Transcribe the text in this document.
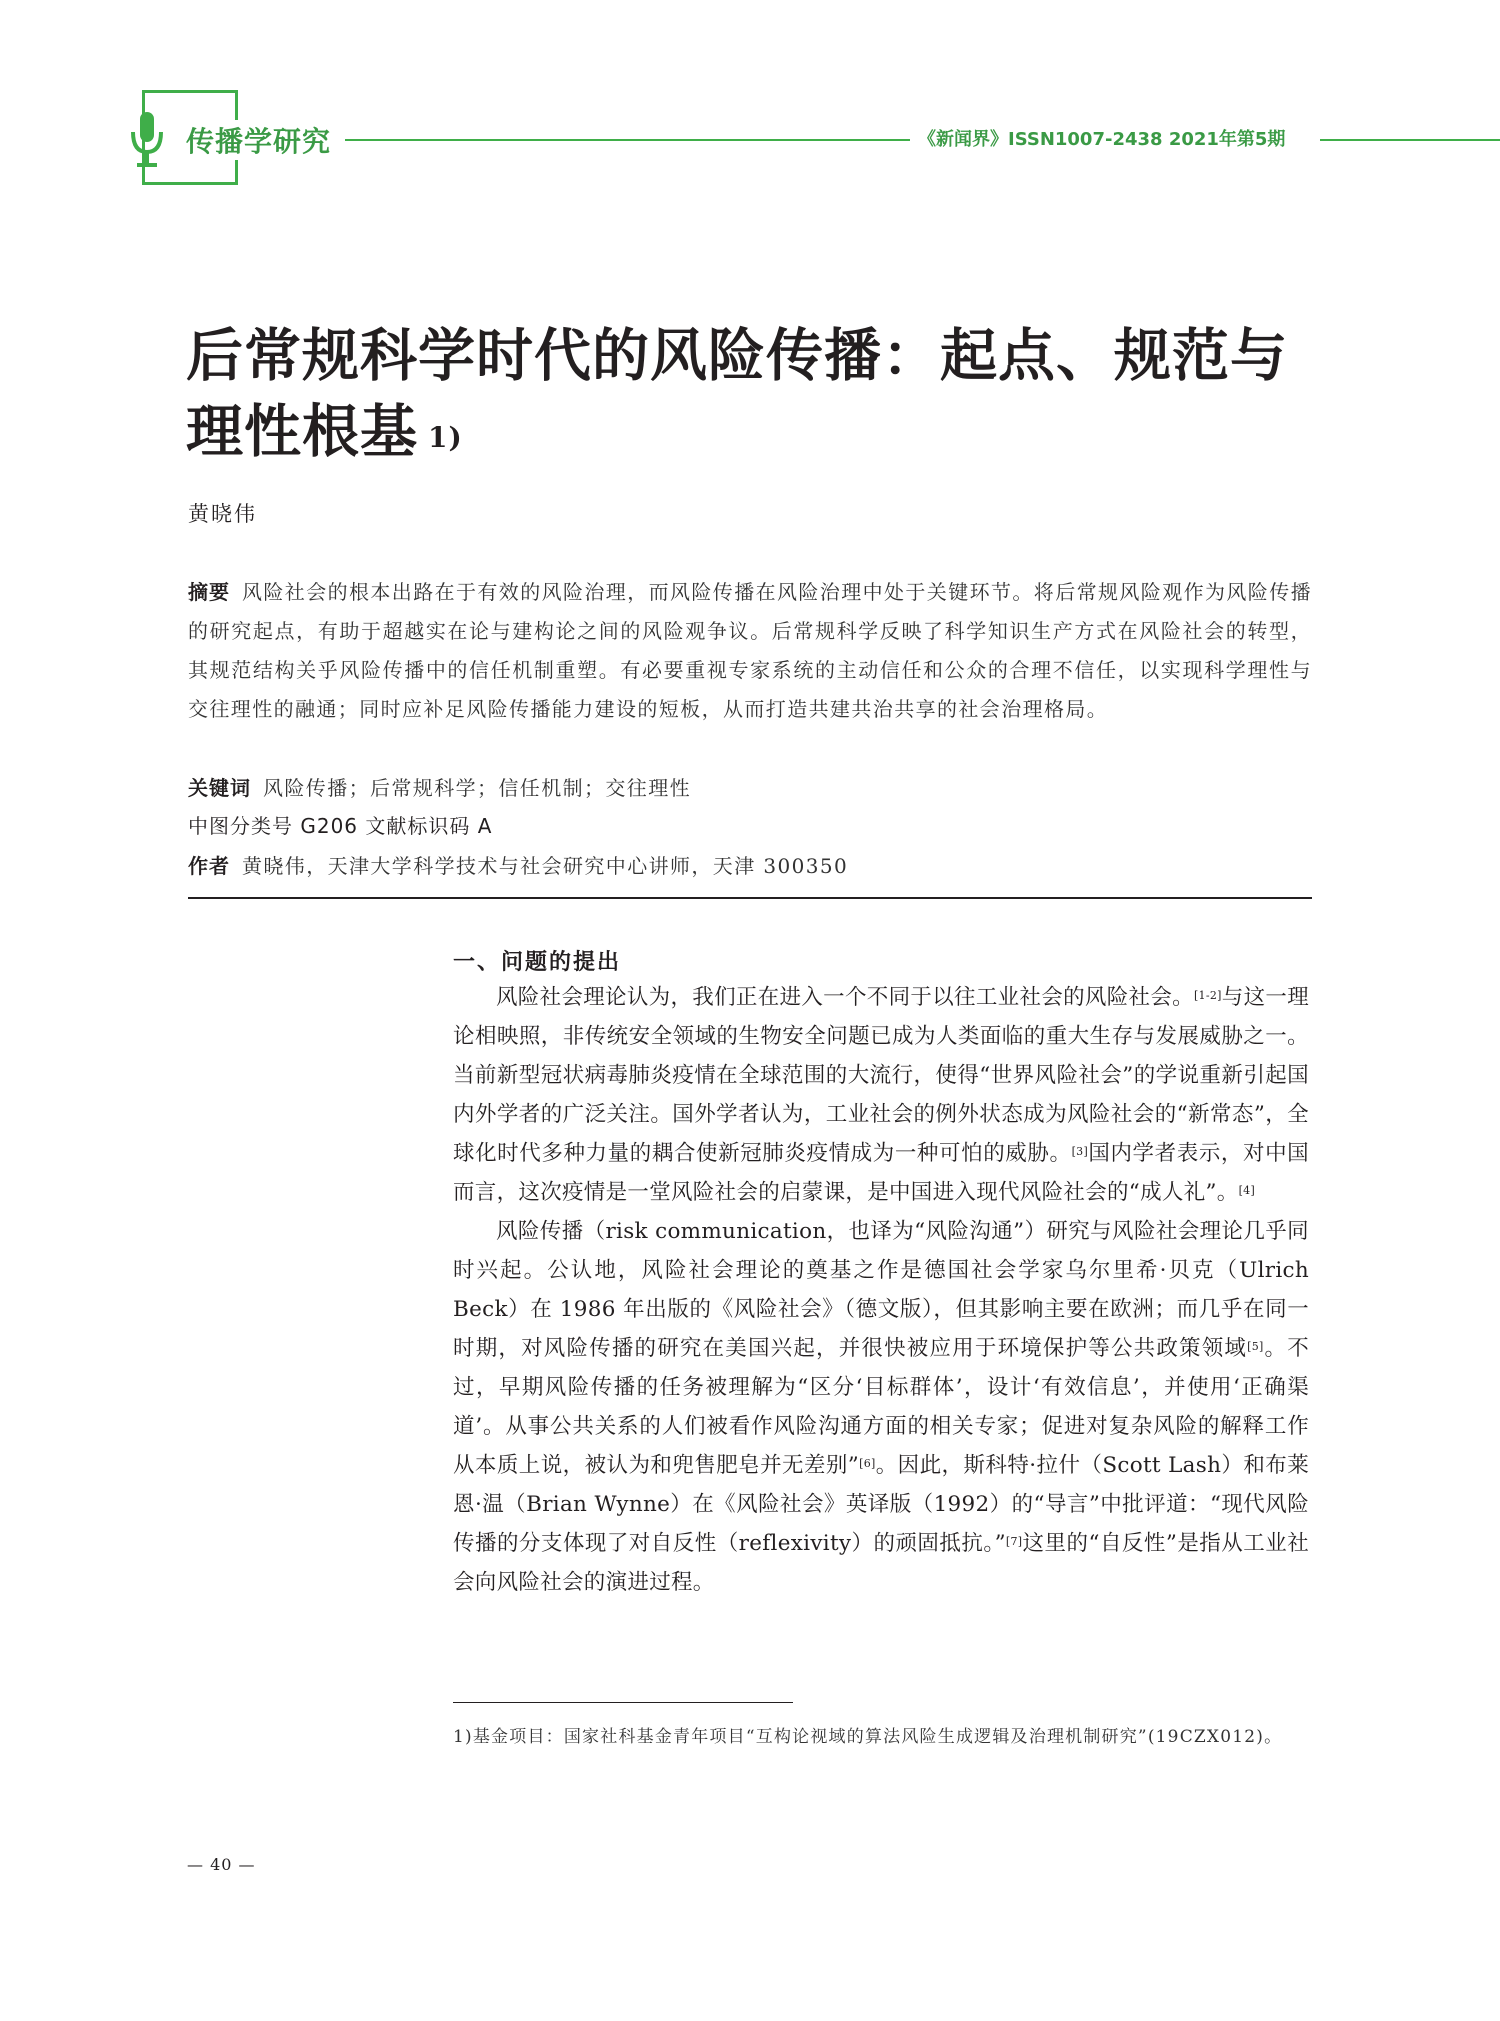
传播学研究	《新闻界》ISSN1007-2438 2021年第5期
后常规科学时代的风险传播：起点、规范与理性根基 $^{1)}$
黄晓伟
摘要 风险社会的根本出路在于有效的风险治理，而风险传播在风险治理中处于关键环节。将后常规风险观作为风险传播的研究起点，有助于超越实在论与建构论之间的风险观争议。后常规科学反映了科学知识生产方式在风险社会的转型，其规范结构关乎风险传播中的信任机制重塑。有必要重视专家系统的主动信任和公众的合理不信任，以实现科学理性与交往理性的融通；同时应补足风险传播能力建设的短板，从而打造共建共治共享的社会治理格局。
关键词 风险传播；后常规科学；信任机制；交往理性
中图分类号 G206 文献标识码 A
作者 黄晓伟，天津大学科学技术与社会研究中心讲师，天津 300350
一、问题的提出

风险社会理论认为，我们正在进入一个不同于以往工业社会的风险社会。[1-2]与这一理论相映照，非传统安全领域的生物安全问题已成为人类面临的重大生存与发展威胁之一。当前新型冠状病毒肺炎疫情在全球范围的大流行，使得“世界风险社会”的学说重新引起国内外学者的广泛关注。国外学者认为，工业社会的例外状态成为风险社会的“新常态”，全球化时代多种力量的耦合使新冠肺炎疫情成为一种可怕的威胁。[3]国内学者表示，对中国而言，这次疫情是一堂风险社会的启蒙课，是中国进入现代风险社会的“成人礼”。[4]

风险传播（risk communication，也译为“风险沟通”）研究与风险社会理论几乎同时兴起。公认地，风险社会理论的奠基之作是德国社会学家乌尔里希·贝克（Ulrich Beck）在 1986 年出版的《风险社会》（德文版），但其影响主要在欧洲；而几乎在同一时期，对风险传播的研究在美国兴起，并很快被应用于环境保护等公共政策领域[5]。不过，早期风险传播的任务被理解为“区分‘目标群体’，设计‘有效信息’，并使用‘正确渠道’。从事公共关系的人们被看作风险沟通方面的相关专家；促进对复杂风险的解释工作从本质上说，被认为和兜售肥皂并无差别”[6]。因此，斯科特·拉什（Scott Lash）和布莱恩·温（Brian Wynne）在《风险社会》英译版（1992）的“导言”中批评道：“现代风险传播的分支体现了对自反性（reflexivity）的顽固抵抗。”[7]这里的“自反性”是指从工业社会向风险社会的演进过程。

1)基金项目：国家社科基金青年项目“互构论视域的算法风险生成逻辑及治理机制研究”(19CZX012)。
— 40 —
